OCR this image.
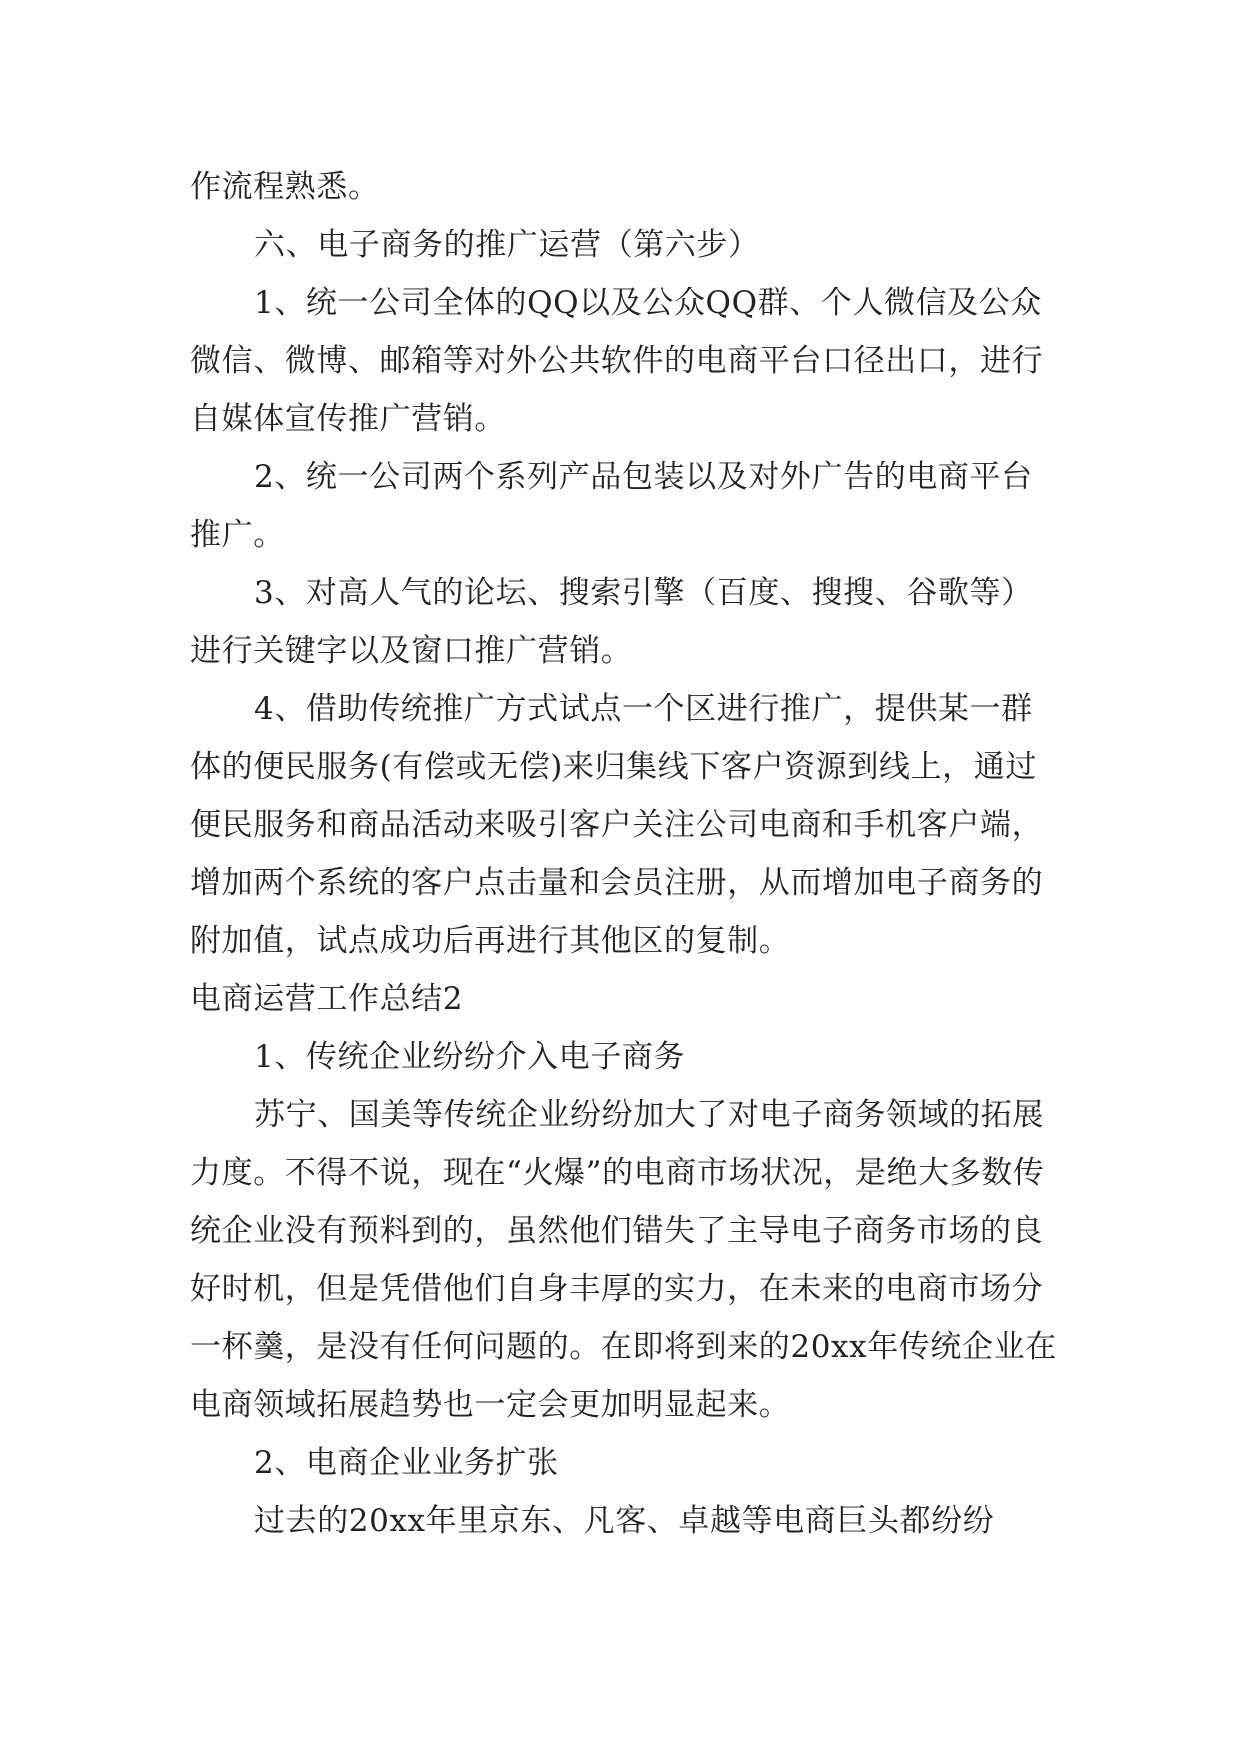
作流程熟悉。

六、电子商务的推广运营（第六步）

1、统一公司全体的QQ以及公众QQ群、个人微信及公众微信、微博、邮箱等对外公共软件的电商平台口径出口，进行自媒体宣传推广营销。

2、统一公司两个系列产品包装以及对外广告的电商平台推广。

3、对高人气的论坛、搜索引擎（百度、搜搜、谷歌等）进行关键字以及窗口推广营销。

4、借助传统推广方式试点一个区进行推广，提供某一群体的便民服务(有偿或无偿)来归集线下客户资源到线上，通过便民服务和商品活动来吸引客户关注公司电商和手机客户端，增加两个系统的客户点击量和会员注册，从而增加电子商务的附加值，试点成功后再进行其他区的复制。

电商运营工作总结2

1、传统企业纷纷介入电子商务

苏宁、国美等传统企业纷纷加大了对电子商务领域的拓展力度。不得不说，现在“火爆”的电商市场状况，是绝大多数传统企业没有预料到的，虽然他们错失了主导电子商务市场的良好时机，但是凭借他们自身丰厚的实力，在未来的电商市场分一杯羹，是没有任何问题的。在即将到来的20xx年传统企业在电商领域拓展趋势也一定会更加明显起来。

2、电商企业业务扩张

过去的20xx年里京东、凡客、卓越等电商巨头都纷纷
